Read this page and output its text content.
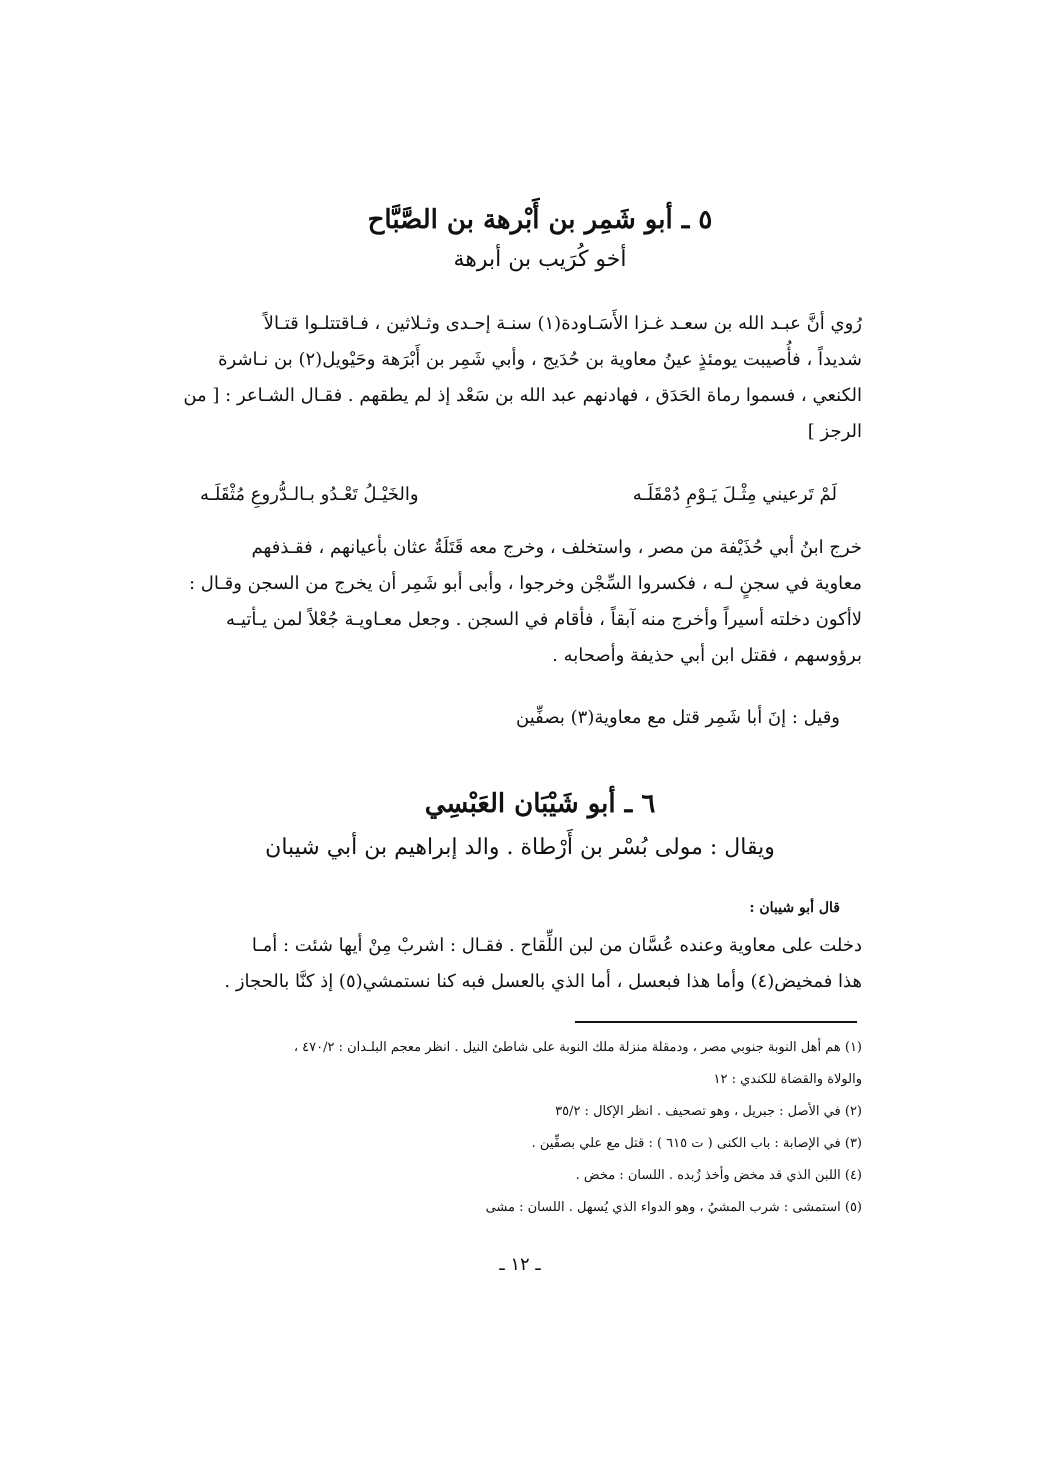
٥ ـ أبو شَمِر بن أَبْرهة بن الصَّبَّاح
أخو كُرَيب بن أبرهة
رُوي أنَّ عبـد الله بن سعـد غـزا الأَسَـاودة(١) سنـة إحـدى وثـلاثين ، فـاقتتلـوا قتـالاً
شديداً ، فأُصيبت يومئذٍ عينُ معاوية بن حُدَيج ، وأبي شَمِر بن أَبْرَهة وحَيْويل(٢) بن نـاشرة
الكنعي ، فسموا رماة الحَدَق ، فهادنهم عبد الله بن سَعْد إذ لم يطقهم . فقـال الشـاعر : [ من
الرجز ]
لَمْ تَرعيني مِثْـلَ يَـوْمِ دُمْقَلَـه
والخَيْـلُ تَعْـدُو بـالـدُّروعِ مُثْقَلَـه
خرج ابنُ أبي حُذَيْفة من مصر ، واستخلف ، وخرج معه قَتَلَةُ عثان بأعيانهم ، فقـذفهم
معاوية في سجنٍ لـه ، فكسروا السِّجْن وخرجوا ، وأبى أبو شَمِر أن يخرج من السجن وقـال :
لاأكون دخلته أسيراً وأخرج منه آبقاً ، فأقام في السجن . وجعل معـاويـة جُعْلاً لمن يـأتيـه
برؤوسهم ، فقتل ابن أبي حذيفة وأصحابه .
وقيل : إنَ أبا شَمِر قتل مع معاوية(٣) بصفِّين
٦ ـ أبو شَيْبَان العَبْسِي
ويقال : مولى بُسْر بن أَرْطاة . والد إبراهيم بن أبي شيبان
قال أبو شيبان :
دخلت على معاوية وعنده عُسَّان من لبن اللِّقاح . فقـال : اشربْ مِنْ أيها شئت : أمـا
هذا فمخيض(٤) وأما هذا فبعسل ، أما الذي بالعسل فبه كنا نستمشي(٥) إذ كنَّا بالحجاز .
(١) هم أهل النوبة جنوبي مصر ، ودمقلة منزلة ملك النوبة على شاطئ النيل . انظر معجم البلـدان : ٤٧٠/٢ ،
والولاة والقضاة للكندي : ١٢
(٢) في الأصل : جبريل ، وهو تصحيف . انظر الإكال : ٣٥/٢
(٣) في الإصابة : باب الكنى ( ت ٦١٥ ) : قتل مع علي بصفِّين .
(٤) اللبن الذي قد مخض وأخذ زُبده . اللسان : مخض .
(٥) استمشى : شرب المشيُ ، وهو الدواء الذي يُسهل . اللسان : مشى
ـ ١٢ ـ
